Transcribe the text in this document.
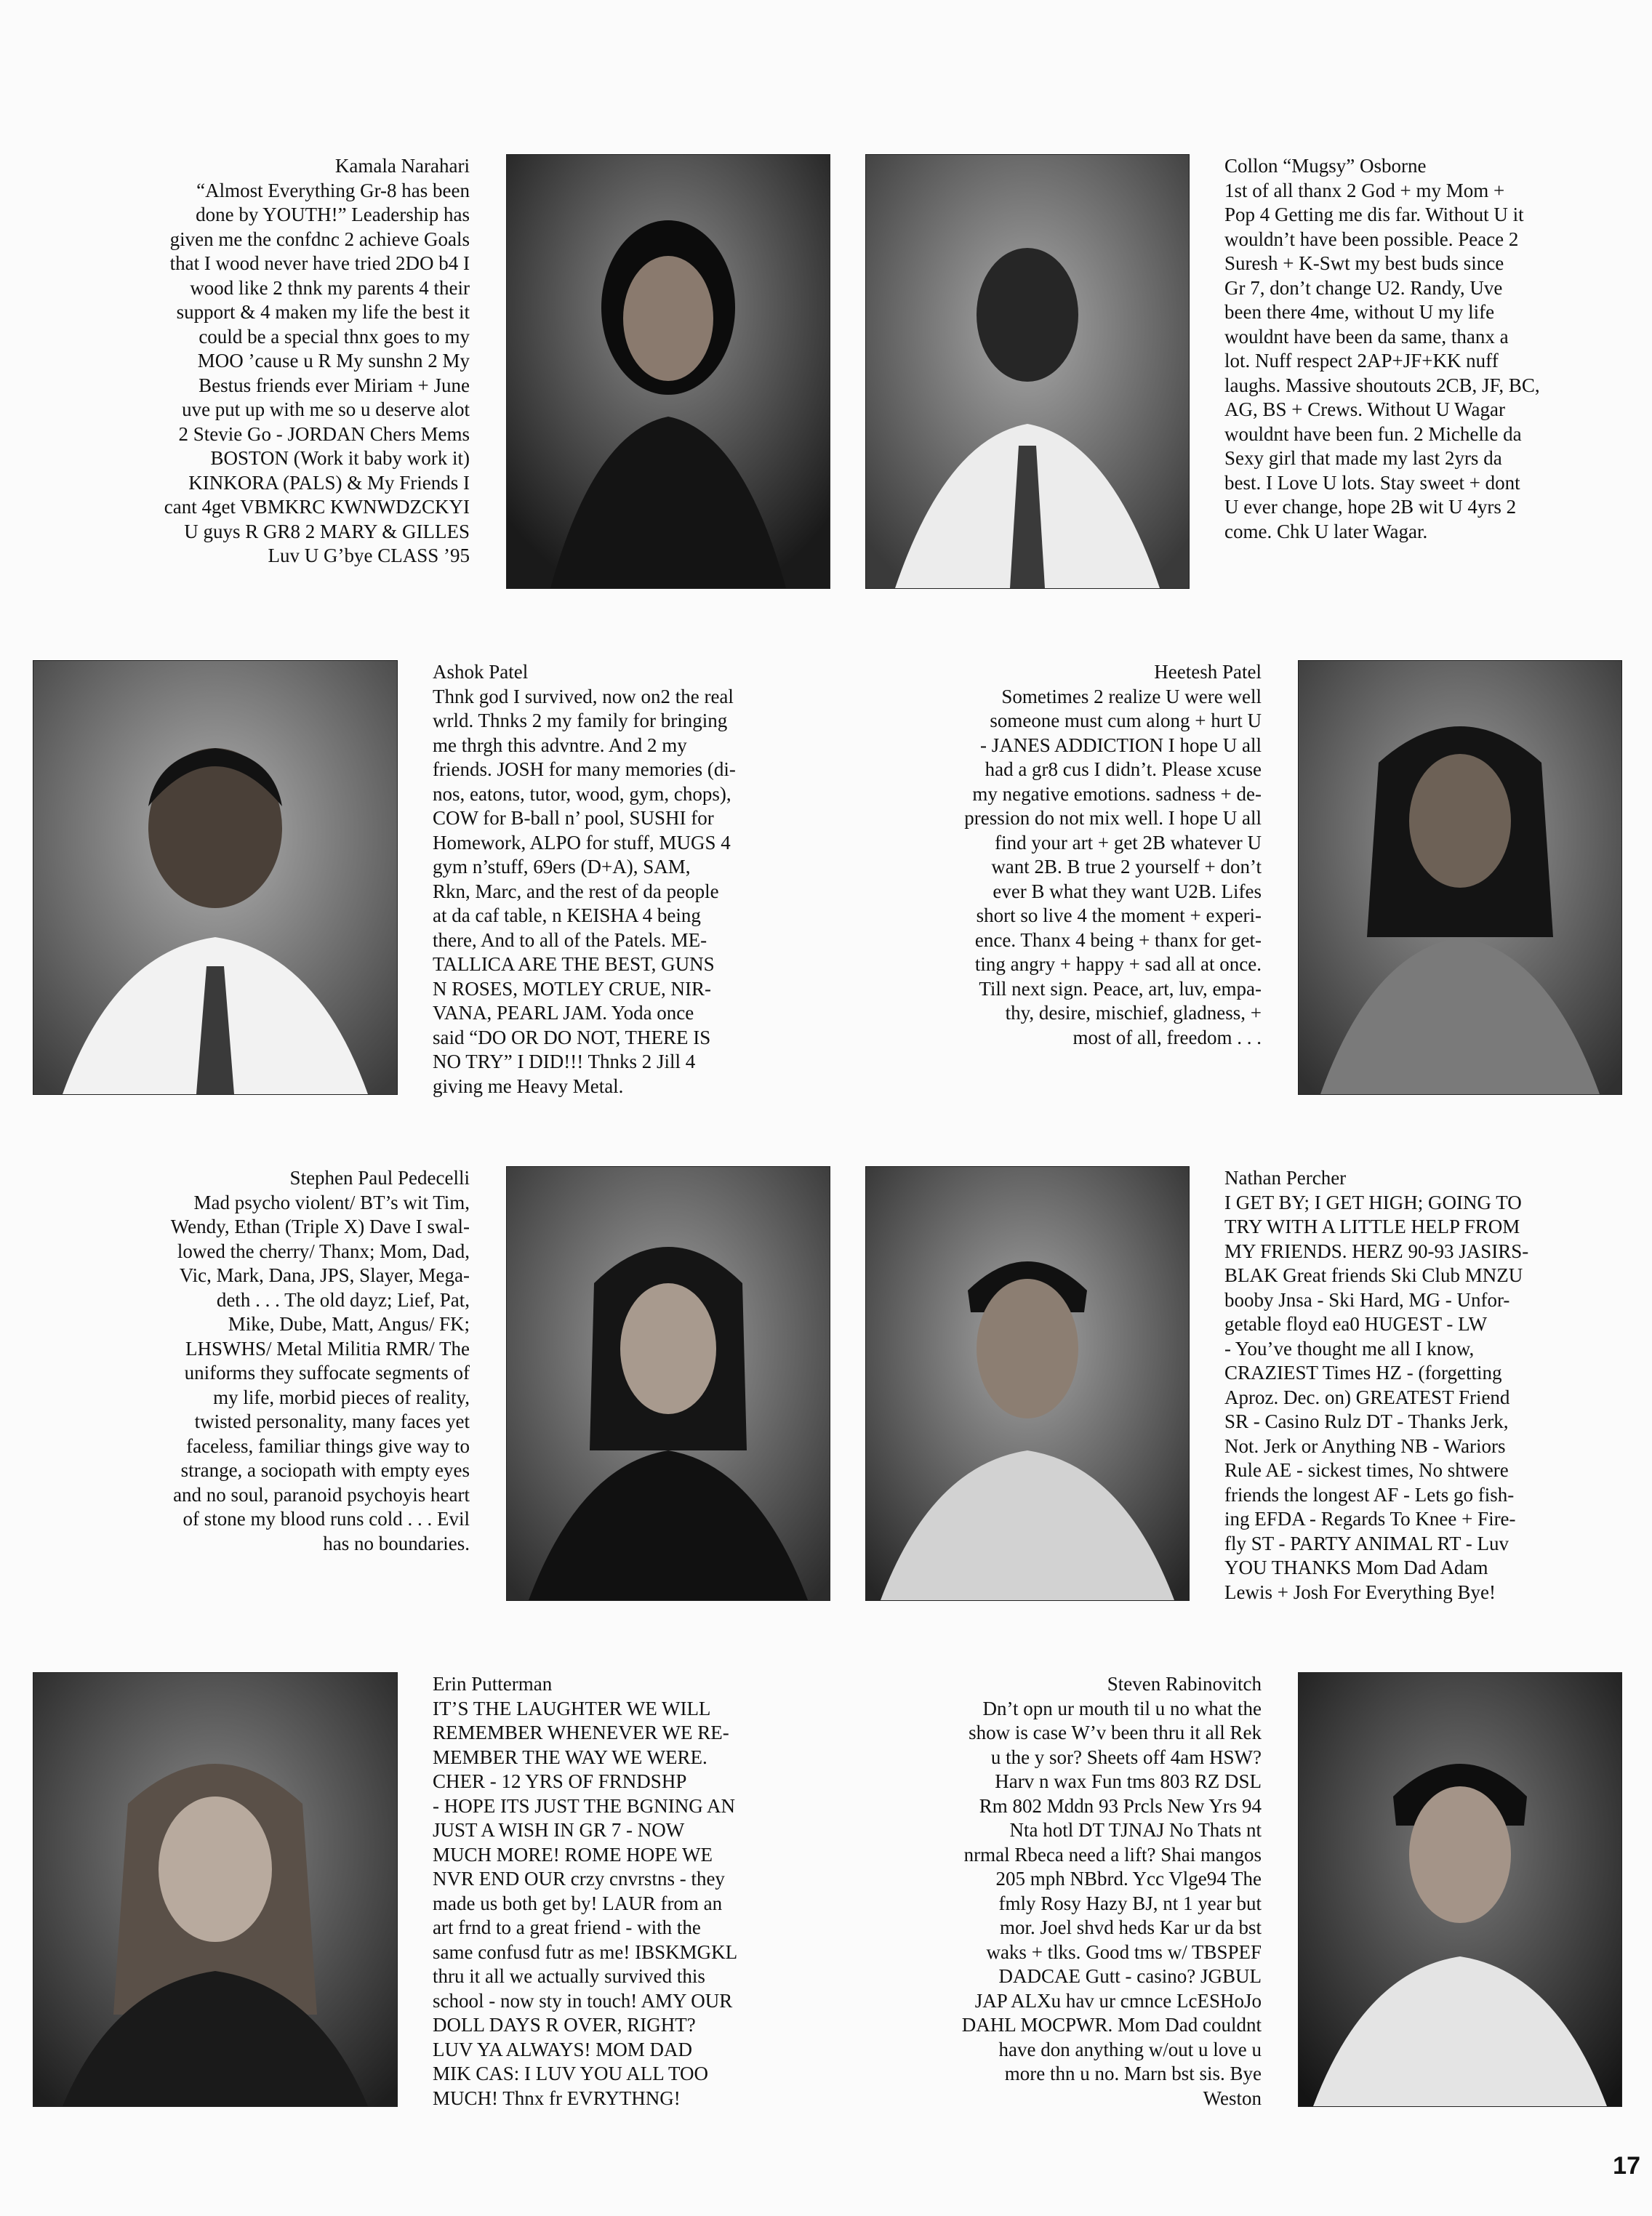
Kamala Narahari
“Almost Everything Gr-8 has been
done by YOUTH!” Leadership has
given me the confdnc 2 achieve Goals
that I wood never have tried 2DO b4 I
wood like 2 thnk my parents 4 their
support & 4 maken my life the best it
could be a special thnx goes to my
MOO ’cause u R My sunshn 2 My
Bestus friends ever Miriam + June
uve put up with me so u deserve alot
2 Stevie Go - JORDAN Chers Mems
BOSTON (Work it baby work it)
KINKORA (PALS) & My Friends I
cant 4get VBMKRC KWNWDZCKYI
U guys R GR8 2 MARY & GILLES
Luv U G’bye CLASS ’95
Collon “Mugsy” Osborne
1st of all thanx 2 God + my Mom +
Pop 4 Getting me dis far. Without U it
wouldn’t have been possible. Peace 2
Suresh + K-Swt my best buds since
Gr 7, don’t change U2. Randy, Uve
been there 4me, without U my life
wouldnt have been da same, thanx a
lot. Nuff respect 2AP+JF+KK nuff
laughs. Massive shoutouts 2CB, JF, BC,
AG, BS + Crews. Without U Wagar
wouldnt have been fun. 2 Michelle da
Sexy girl that made my last 2yrs da
best. I Love U lots. Stay sweet + dont
U ever change, hope 2B wit U 4yrs 2
come. Chk U later Wagar.
Ashok Patel
Thnk god I survived, now on2 the real
wrld. Thnks 2 my family for bringing
me thrgh this advntre. And 2 my
friends. JOSH for many memories (di-
nos, eatons, tutor, wood, gym, chops),
COW for B-ball n’ pool, SUSHI for
Homework, ALPO for stuff, MUGS 4
gym n’stuff, 69ers (D+A), SAM,
Rkn, Marc, and the rest of da people
at da caf table, n KEISHA 4 being
there, And to all of the Patels. ME-
TALLICA ARE THE BEST, GUNS
N ROSES, MOTLEY CRUE, NIR-
VANA, PEARL JAM. Yoda once
said “DO OR DO NOT, THERE IS
NO TRY” I DID!!! Thnks 2 Jill 4
giving me Heavy Metal.
Heetesh Patel
Sometimes 2 realize U were well
someone must cum along + hurt U
- JANES ADDICTION I hope U all
had a gr8 cus I didn’t. Please xcuse
my negative emotions. sadness + de-
pression do not mix well. I hope U all
find your art + get 2B whatever U
want 2B. B true 2 yourself + don’t
ever B what they want U2B. Lifes
short so live 4 the moment + experi-
ence. Thanx 4 being + thanx for get-
ting angry + happy + sad all at once.
Till next sign. Peace, art, luv, empa-
thy, desire, mischief, gladness, +
most of all, freedom . . .
Stephen Paul Pedecelli
Mad psycho violent/ BT’s wit Tim,
Wendy, Ethan (Triple X) Dave I swal-
lowed the cherry/ Thanx; Mom, Dad,
Vic, Mark, Dana, JPS, Slayer, Mega-
deth . . . The old dayz; Lief, Pat,
Mike, Dube, Matt, Angus/ FK;
LHSWHS/ Metal Militia RMR/ The
uniforms they suffocate segments of
my life, morbid pieces of reality,
twisted personality, many faces yet
faceless, familiar things give way to
strange, a sociopath with empty eyes
and no soul, paranoid psychoyis heart
of stone my blood runs cold . . . Evil
has no boundaries.
Nathan Percher
I GET BY; I GET HIGH; GOING TO
TRY WITH A LITTLE HELP FROM
MY FRIENDS. HERZ 90-93 JASIRS-
BLAK Great friends Ski Club MNZU
booby Jnsa - Ski Hard, MG - Unfor-
getable floyd ea0 HUGEST - LW
- You’ve thought me all I know,
CRAZIEST Times HZ - (forgetting
Aproz. Dec. on) GREATEST Friend
SR - Casino Rulz DT - Thanks Jerk,
Not. Jerk or Anything NB - Wariors
Rule AE - sickest times, No shtwere
friends the longest AF - Lets go fish-
ing EFDA - Regards To Knee + Fire-
fly ST - PARTY ANIMAL RT - Luv
YOU THANKS Mom Dad Adam
Lewis + Josh For Everything Bye!
Erin Putterman
IT’S THE LAUGHTER WE WILL
REMEMBER WHENEVER WE RE-
MEMBER THE WAY WE WERE.
CHER - 12 YRS OF FRNDSHP
- HOPE ITS JUST THE BGNING AN
JUST A WISH IN GR 7 - NOW
MUCH MORE! ROME HOPE WE
NVR END OUR crzy cnvrstns - they
made us both get by! LAUR from an
art frnd to a great friend - with the
same confusd futr as me! IBSKMGKL
thru it all we actually survived this
school - now sty in touch! AMY OUR
DOLL DAYS R OVER, RIGHT?
LUV YA ALWAYS! MOM DAD
MIK CAS: I LUV YOU ALL TOO
MUCH! Thnx fr EVRYTHNG!
Steven Rabinovitch
Dn’t opn ur mouth til u no what the
show is case W’v been thru it all Rek
u the y sor? Sheets off 4am HSW?
Harv n wax Fun tms 803 RZ DSL
Rm 802 Mddn 93 Prcls New Yrs 94
Nta hotl DT TJNAJ No Thats nt
nrmal Rbeca need a lift? Shai mangos
205 mph NBbrd. Ycc Vlge94 The
fmly Rosy Hazy BJ, nt 1 year but
mor. Joel shvd heds Kar ur da bst
waks + tlks. Good tms w/ TBSPEF
DADCAE Gutt - casino? JGBUL
JAP ALXu hav ur cmnce LcESHoJo
DAHL MOCPWR. Mom Dad couldnt
have don anything w/out u love u
more thn u no. Marn bst sis. Bye
Weston
17
